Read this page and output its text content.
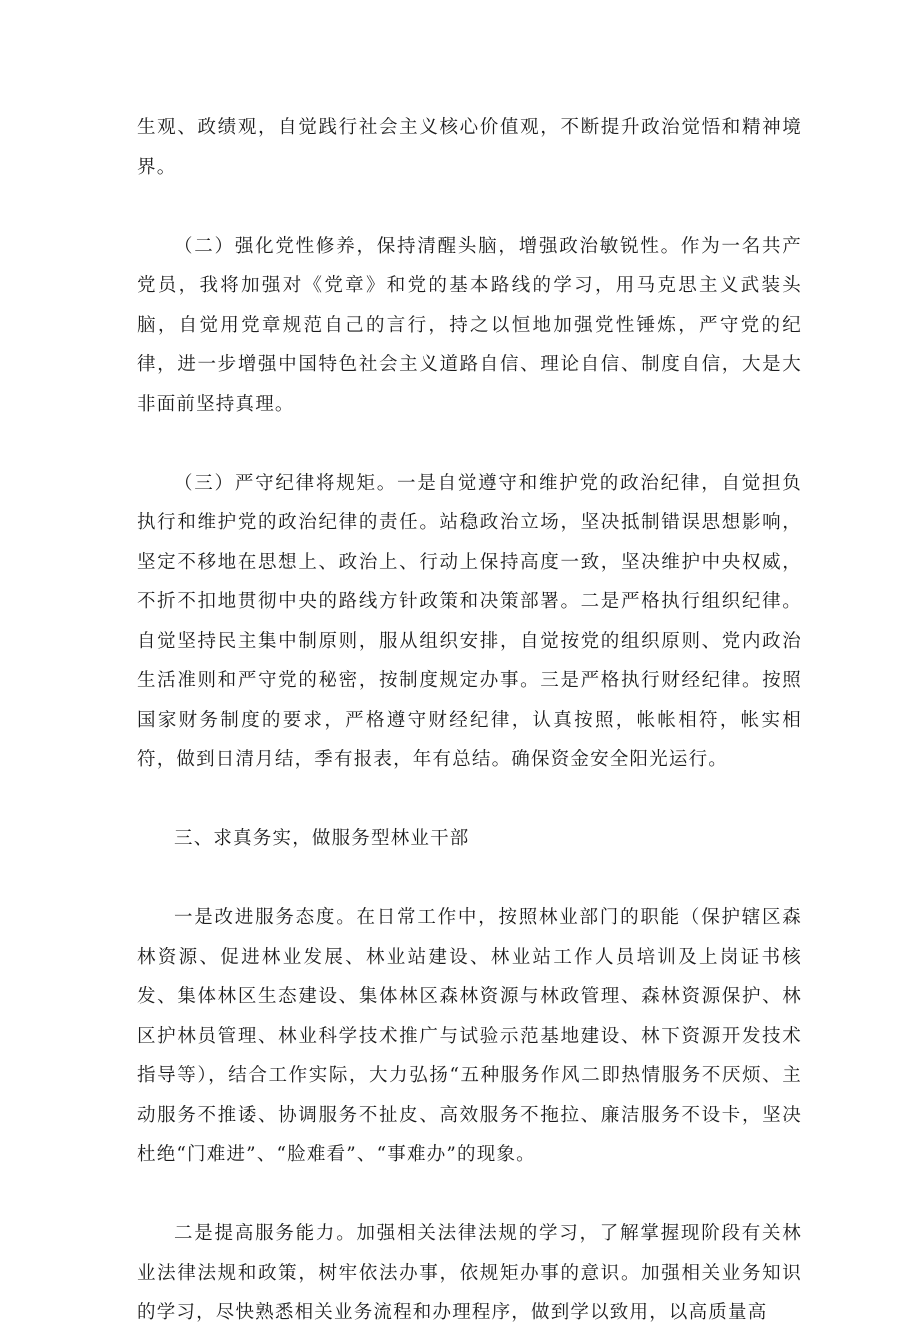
生观、政绩观，自觉践行社会主义核心价值观，不断提升政治觉悟和精神境界。

（二）强化党性修养，保持清醒头脑，增强政治敏锐性。作为一名共产党员，我将加强对《党章》和党的基本路线的学习，用马克思主义武装头脑，自觉用党章规范自己的言行，持之以恒地加强党性锤炼，严守党的纪律，进一步增强中国特色社会主义道路自信、理论自信、制度自信，大是大非面前坚持真理。

（三）严守纪律将规矩。一是自觉遵守和维护党的政治纪律，自觉担负执行和维护党的政治纪律的责任。站稳政治立场，坚决抵制错误思想影响，坚定不移地在思想上、政治上、行动上保持高度一致，坚决维护中央权威，不折不扣地贯彻中央的路线方针政策和决策部署。二是严格执行组织纪律。自觉坚持民主集中制原则，服从组织安排，自觉按党的组织原则、党内政治生活准则和严守党的秘密，按制度规定办事。三是严格执行财经纪律。按照国家财务制度的要求，严格遵守财经纪律，认真按照，帐帐相符，帐实相符，做到日清月结，季有报表，年有总结。确保资金安全阳光运行。

三、求真务实，做服务型林业干部

一是改进服务态度。在日常工作中，按照林业部门的职能（保护辖区森林资源、促进林业发展、林业站建设、林业站工作人员培训及上岗证书核发、集体林区生态建设、集体林区森林资源与林政管理、森林资源保护、林区护林员管理、林业科学技术推广与试验示范基地建设、林下资源开发技术指导等），结合工作实际，大力弘扬“五种服务作风二即热情服务不厌烦、主动服务不推诿、协调服务不扯皮、高效服务不拖拉、廉洁服务不设卡，坚决杜绝“门难进”、“脸难看”、“事难办”的现象。

二是提高服务能力。加强相关法律法规的学习，了解掌握现阶段有关林业法律法规和政策，树牢依法办事，依规矩办事的意识。加强相关业务知识的学习，尽快熟悉相关业务流程和办理程序，做到学以致用，以高质量高
